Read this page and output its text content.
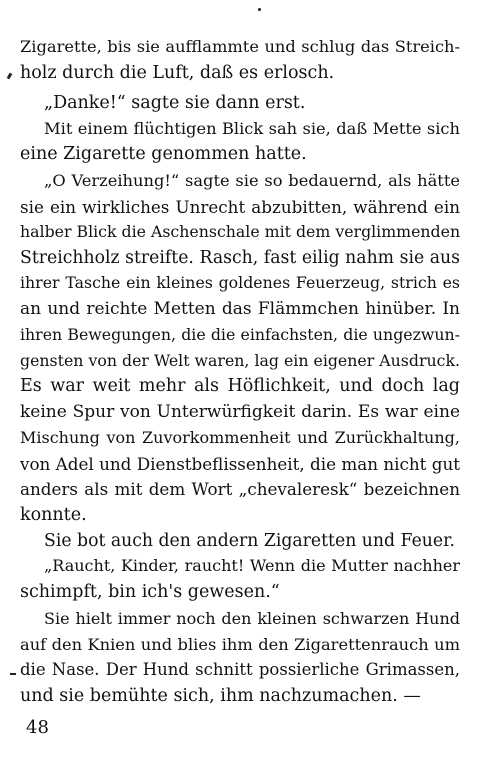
Zigarette, bis sie aufflammte und schlug das Streich-
holz durch die Luft, daß es erlosch.
„Danke!“ sagte sie dann erst.
Mit einem flüchtigen Blick sah sie, daß Mette sich
eine Zigarette genommen hatte.
„O Verzeihung!“ sagte sie so bedauernd, als hätte
sie ein wirkliches Unrecht abzubitten, während ein
halber Blick die Aschenschale mit dem verglimmenden
Streichholz streifte. Rasch, fast eilig nahm sie aus
ihrer Tasche ein kleines goldenes Feuerzeug, strich es
an und reichte Metten das Flämmchen hinüber. In
ihren Bewegungen, die die einfachsten, die ungezwun-
gensten von der Welt waren, lag ein eigener Ausdruck.
Es war weit mehr als Höflichkeit, und doch lag
keine Spur von Unterwürfigkeit darin. Es war eine
Mischung von Zuvorkommenheit und Zurückhaltung,
von Adel und Dienstbeflissenheit, die man nicht gut
anders als mit dem Wort „chevaleresk“ bezeichnen
konnte.
Sie bot auch den andern Zigaretten und Feuer.
„Raucht, Kinder, raucht! Wenn die Mutter nachher
schimpft, bin ich's gewesen.“
Sie hielt immer noch den kleinen schwarzen Hund
auf den Knien und blies ihm den Zigarettenrauch um
die Nase. Der Hund schnitt possierliche Grimassen,
und sie bemühte sich, ihm nachzumachen. —
48
